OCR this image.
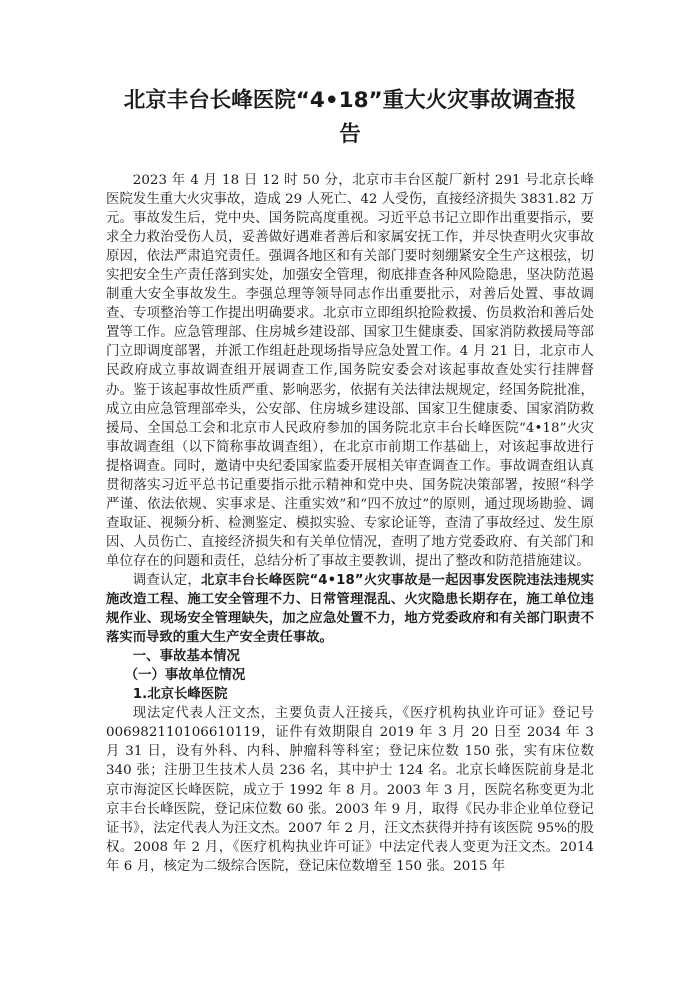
北京丰台长峰医院“4•18”重大火灾事故调查报告

2023 年 4 月 18 日 12 时 50 分，北京市丰台区靛厂新村 291 号北京长峰医院发生重大火灾事故，造成 29 人死亡、42 人受伤，直接经济损失 3831.82 万元。事故发生后，党中央、国务院高度重视。习近平总书记立即作出重要指示，要求全力救治受伤人员，妥善做好遇难者善后和家属安抚工作，并尽快查明火灾事故原因，依法严肃追究责任。强调各地区和有关部门要时刻绷紧安全生产这根弦，切实把安全生产责任落到实处，加强安全管理，彻底排查各种风险隐患，坚决防范遏制重大安全事故发生。李强总理等领导同志作出重要批示，对善后处置、事故调查、专项整治等工作提出明确要求。北京市立即组织抢险救援、伤员救治和善后处置等工作。应急管理部、住房城乡建设部、国家卫生健康委、国家消防救援局等部门立即调度部署，并派工作组赶赴现场指导应急处置工作。4 月 21 日，北京市人民政府成立事故调查组开展调查工作,国务院安委会对该起事故查处实行挂牌督办。鉴于该起事故性质严重、影响恶劣，依据有关法律法规规定，经国务院批准，成立由应急管理部牵头，公安部、住房城乡建设部、国家卫生健康委、国家消防救援局、全国总工会和北京市人民政府参加的国务院北京丰台长峰医院“4•18”火灾事故调查组（以下简称事故调查组），在北京市前期工作基础上，对该起事故进行提格调查。同时，邀请中央纪委国家监委开展相关审查调查工作。事故调查组认真贯彻落实习近平总书记重要指示批示精神和党中央、国务院决策部署，按照“科学严谨、依法依规、实事求是、注重实效”和“四不放过”的原则，通过现场勘验、调查取证、视频分析、检测鉴定、模拟实验、专家论证等，查清了事故经过、发生原因、人员伤亡、直接经济损失和有关单位情况，查明了地方党委政府、有关部门和单位存在的问题和责任，总结分析了事故主要教训，提出了整改和防范措施建议。

调查认定，北京丰台长峰医院“4•18”火灾事故是一起因事发医院违法违规实施改造工程、施工安全管理不力、日常管理混乱、火灾隐患长期存在，施工单位违规作业、现场安全管理缺失，加之应急处置不力，地方党委政府和有关部门职责不落实而导致的重大生产安全责任事故。

一、事故基本情况

（一）事故单位情况

1.北京长峰医院

现法定代表人汪文杰，主要负责人汪接兵，《医疗机构执业许可证》登记号 006982110106610119，证件有效期限自 2019 年 3 月 20 日至 2034 年 3 月 31 日，设有外科、内科、肿瘤科等科室；登记床位数 150 张，实有床位数 340 张；注册卫生技术人员 236 名，其中护士 124 名。北京长峰医院前身是北京市海淀区长峰医院，成立于 1992 年 8 月。2003 年 3 月，医院名称变更为北京丰台长峰医院，登记床位数 60 张。2003 年 9 月，取得《民办非企业单位登记证书》，法定代表人为汪文杰。2007 年 2 月，汪文杰获得并持有该医院 95%的股权。2008 年 2 月，《医疗机构执业许可证》中法定代表人变更为汪文杰。2014 年 6 月，核定为二级综合医院，登记床位数增至 150 张。2015 年
